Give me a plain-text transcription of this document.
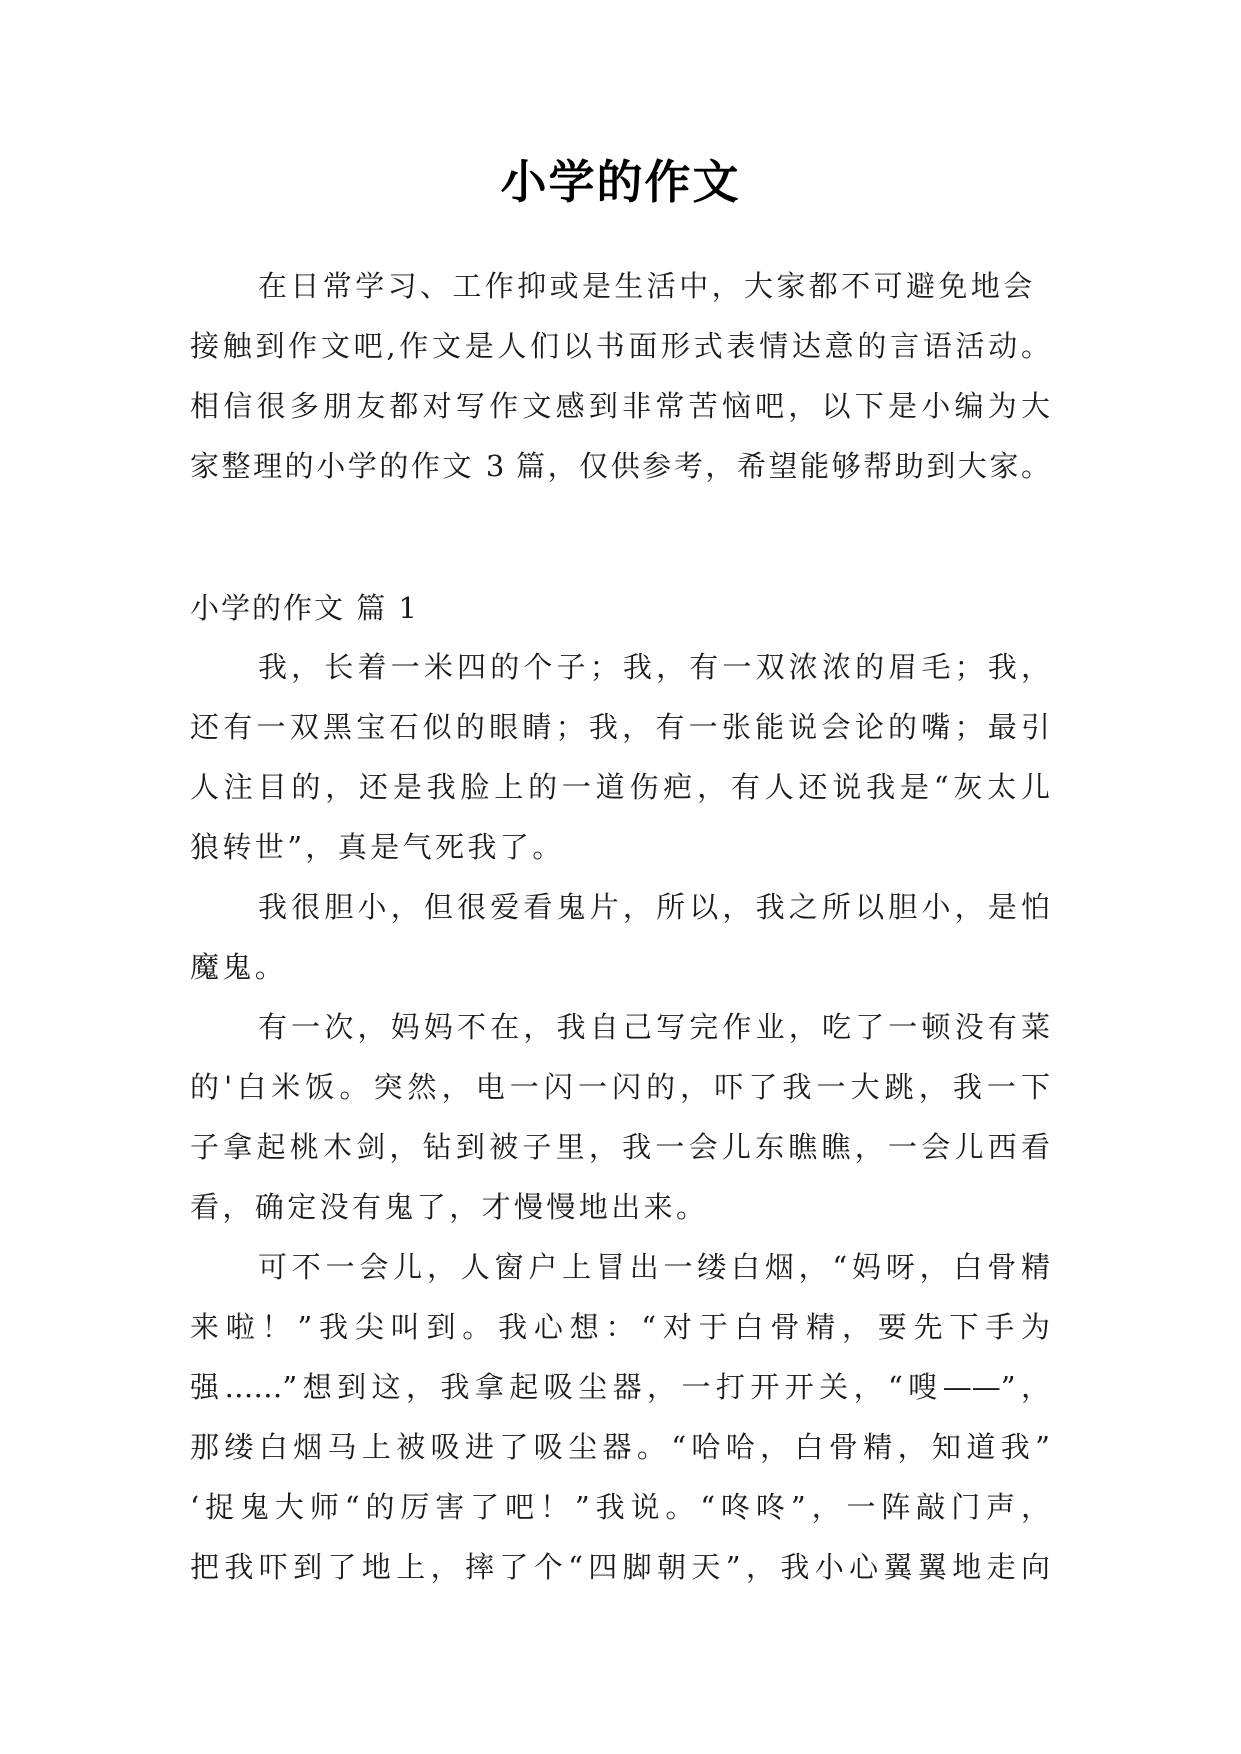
小学的作文
在日常学习、工作抑或是生活中，大家都不可避免地会
接触到作文吧,作文是人们以书面形式表情达意的言语活动。
相信很多朋友都对写作文感到非常苦恼吧，以下是小编为大
家整理的小学的作文 3 篇，仅供参考，希望能够帮助到大家。
小学的作文 篇 1
我，长着一米四的个子；我，有一双浓浓的眉毛；我，
还有一双黑宝石似的眼睛；我，有一张能说会论的嘴；最引
人注目的，还是我脸上的一道伤疤，有人还说我是“灰太儿
狼转世”，真是气死我了。
我很胆小，但很爱看鬼片，所以，我之所以胆小，是怕
魔鬼。
有一次，妈妈不在，我自己写完作业，吃了一顿没有菜
的'白米饭。突然，电一闪一闪的，吓了我一大跳，我一下
子拿起桃木剑，钻到被子里，我一会儿东瞧瞧，一会儿西看
看，确定没有鬼了，才慢慢地出来。
可不一会儿，人窗户上冒出一缕白烟，“妈呀，白骨精
来啦！”我尖叫到。我心想：“对于白骨精，要先下手为
强……”想到这，我拿起吸尘器，一打开开关，“嗖——”，
那缕白烟马上被吸进了吸尘器。“哈哈，白骨精，知道我”
‘捉鬼大师“的厉害了吧！”我说。“咚咚”，一阵敲门声，
把我吓到了地上，摔了个“四脚朝天”，我小心翼翼地走向
